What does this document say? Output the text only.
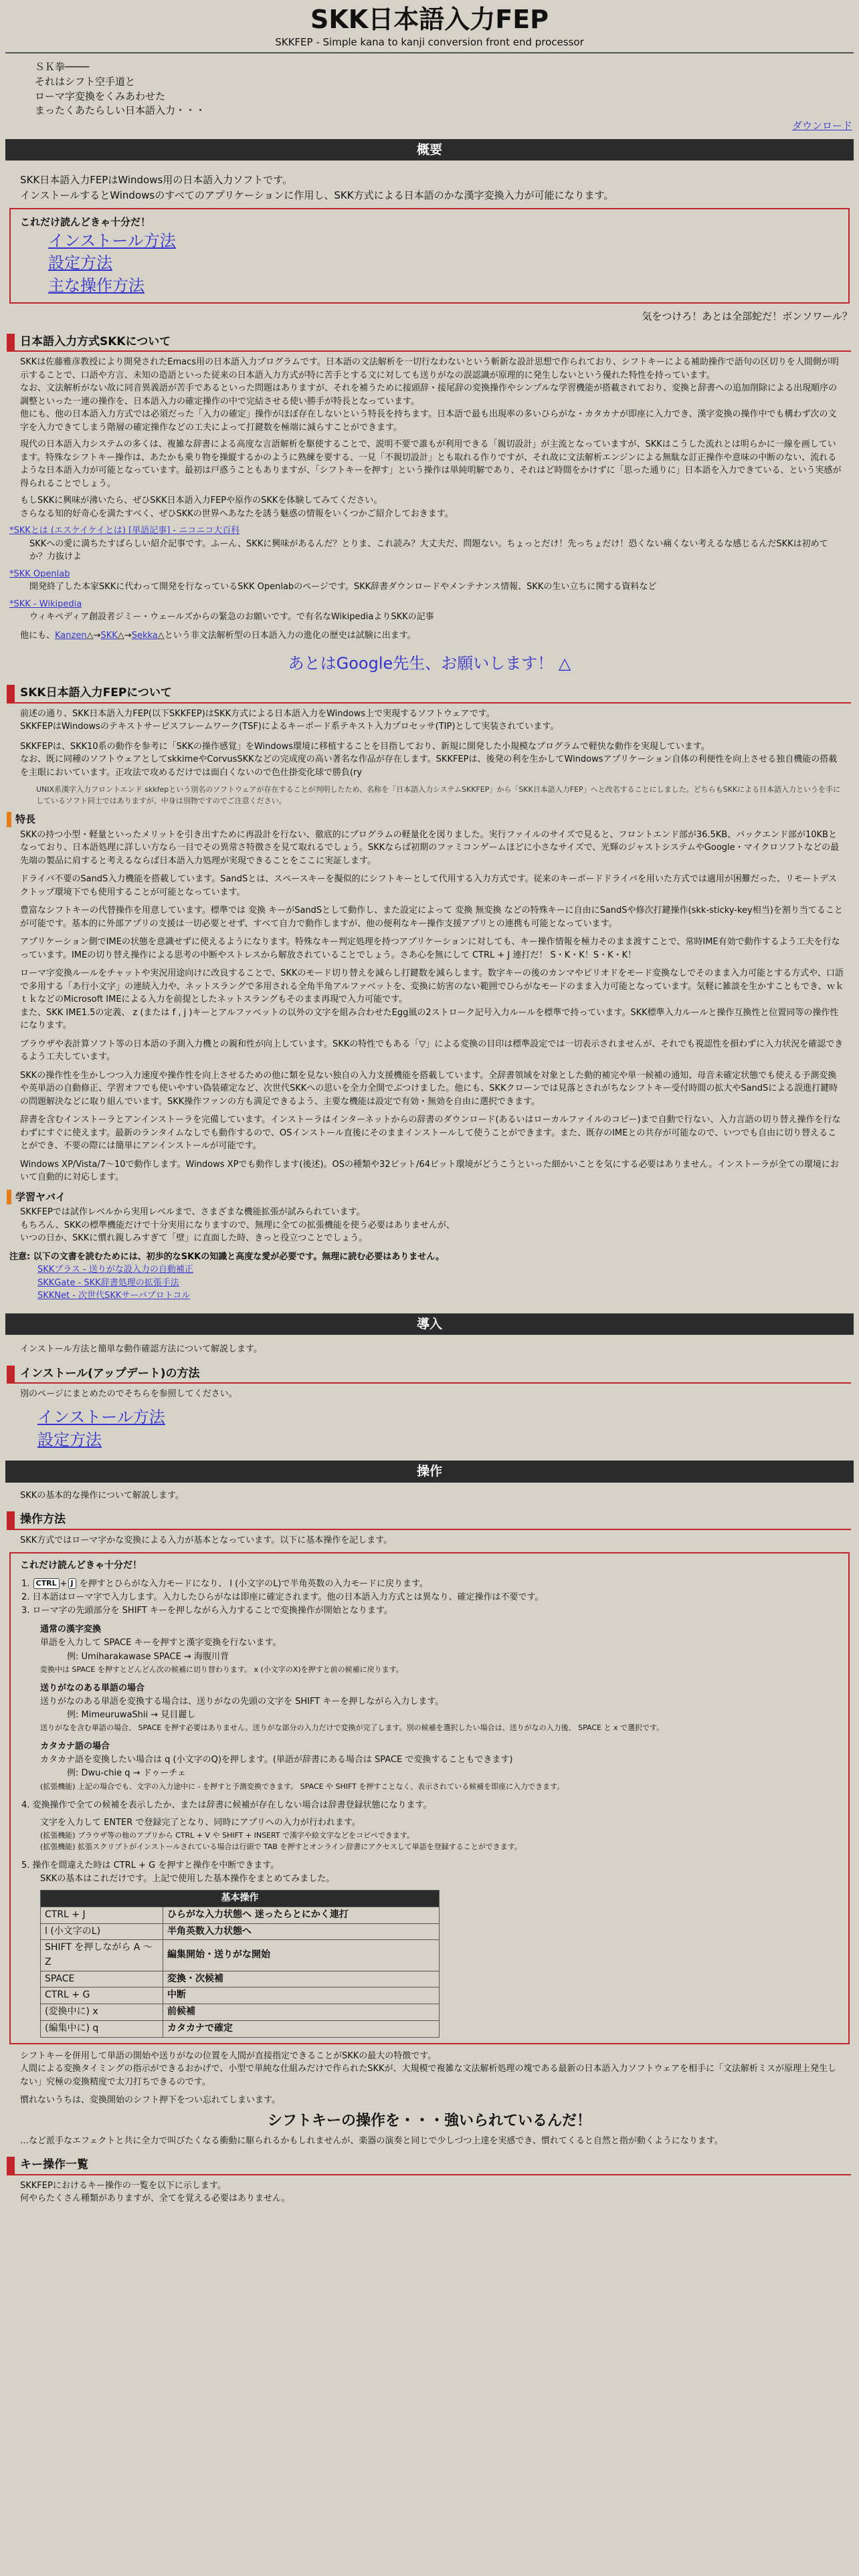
SKK日本語入力FEP
SKKFEP - Simple kana to kanji conversion front end processor
ＳＫ拳────
それはシフト空手道と
ローマ字変換をくみあわせた
まったくあたらしい日本語入力・・・
ダウンロード
概要
SKK日本語入力FEPはWindows用の日本語入力ソフトです。
インストールするとWindowsのすべてのアプリケーションに作用し、SKK方式による日本語のかな漢字変換入力が可能になります。
これだけ読んどきゃ十分だ！
インストール方法
設定方法
主な操作方法
気をつけろ！あとは全部蛇だ！ボンソワール？
日本語入力方式SKKについて
SKKは佐藤雅彦教授により開発されたEmacs用の日本語入力プログラムです。日本語の文法解析を一切行なわないという斬新な設計思想で作られており、シフトキーによる補助操作で語句の区切りを人間側が明示することで、口語や方言、未知の造語といった従来の日本語入力方式が特に苦手とする文に対しても送りがなの誤認識が原理的に発生しないという優れた特性を持っています。
なお、文法解析がない故に同音異義語が苦手であるといった問題はありますが、それを補うために接頭辞・接尾辞の変換操作やシンプルな学習機能が搭載されており、変換と辞書への追加削除による出現順序の調整といった一連の操作を、日本語入力の確定操作の中で完結させる使い勝手が特長となっています。
他にも、他の日本語入力方式では必須だった「入力の確定」操作がほぼ存在しないという特長を持ちます。日本語で最も出現率の多いひらがな・カタカナが即座に入力でき、漢字変換の操作中でも構わず次の文字を入力できてしまう階層の確定操作などの工夫によって打鍵数を極端に減らすことができます。
現代の日本語入力システムの多くは、複雑な辞書による高度な言語解析を駆使することで、説明不要で誰もが利用できる「親切設計」が主流となっていますが、SKKはこうした流れとは明らかに一線を画しています。特殊なシフトキー操作は、あたかも乗り物を操縦するかのように熟練を要する、一見「不親切設計」とも取れる作りですが、それ故に文法解析エンジンによる無駄な訂正操作や意味の中断のない、流れるような日本語入力が可能となっています。最初は戸惑うこともありますが、「シフトキーを押す」という操作は単純明解であり、それはど時間をかけずに「思った通りに」日本語を入力できている、という実感が得られることでしょう。
もしSKKに興味が沸いたら、ぜひSKK日本語入力FEPや原作のSKKを体験してみてください。
さらなる知的好奇心を満たすべく、ぜひSKKの世界へあなたを誘う魅惑の情報をいくつかご紹介しておきます。
*SKKとは (エスケイケイとは) [単語記事] - ニコニコ大百科
SKKへの愛に満ちたすばらしい紹介記事です。ふーん、SKKに興味があるんだ？とりま、これ読み？大丈夫だ、問題ない。ちょっとだけ！先っちょだけ！恐くない痛くない考えるな感じるんだSKKは初めてか？力抜けよ
*SKK Openlab
開発終了した本家SKKに代わって開発を行なっているSKK Openlabのページです。SKK辞書ダウンロードやメンテナンス情報、SKKの生い立ちに関する資料など
*SKK - Wikipedia
ウィキペディア創設者ジミー・ウェールズからの緊急のお願いです。で有名なWikipediaよりSKKの記事
他にも、Kanzen△→SKK△→Sekka△という非文法解析型の日本語入力の進化の歴史は試験に出ます。
あとはGoogle先生、お願いします！ △
SKK日本語入力FEPについて
前述の通り、SKK日本語入力FEP(以下SKKFEP)はSKK方式による日本語入力をWindows上で実現するソフトウェアです。
SKKFEPはWindowsのテキストサービスフレームワーク(TSF)によるキーボード系テキスト入力プロセッサ(TIP)として実装されています。
SKKFEPは、SKK10系の動作を参考に「SKKの操作感覚」をWindows環境に移植することを目指しており、新規に開発した小規模なプログラムで軽快な動作を実現しています。
なお、既に同種のソフトウェアとしてskkimeやCorvusSKKなどの完成度の高い著名な作品が存在します。SKKFEPは、後発の利を生かしてWindowsアプリケーション自体の利便性を向上させる独自機能の搭載を主眼においています。正攻法で攻めるだけでは面白くないので色仕掛変化球で勝負(ry
UNIX系漢字入力フロントエンド skkfepという別名のソフトウェアが存在することが判明したため、名称を「日本語入力システムSKKFEP」から「SKK日本語入力FEP」へと改名することにしました。どちらもSKKによる日本語入力というを手にしているソフト同士ではありますが、中身は別物ですのでご注意ください。
特長
SKKの持つ小型・軽量といったメリットを引き出すために再設計を行ない、徹底的にプログラムの軽量化を図りました。実行ファイルのサイズで見ると、フロントエンド部が36.5KB、バックエンド部が10KBとなっており、日本語処理に詳しい方なら一目でその異常さ特徴さを見て取れるでしょう。SKKならば初期のファミコンゲームほどに小さなサイズで、光輝のジャストシステムやGoogle・マイクロソフトなどの最先端の製品に肩すると考えるならば日本語入力処理が実現できることをここに実証します。
ドライバ不要のSandS入力機能を搭載しています。SandSとは、スペースキーを擬似的にシフトキーとして代用する入力方式です。従来のキーボードドライバを用いた方式では適用が困難だった、リモートデスクトップ環境下でも使用することが可能となっています。
豊富なシフトキーの代替操作を用意しています。標準では 変換 キーがSandSとして動作し、また設定によって 変換 無変換 などの特殊キーに自由にSandSや修次打鍵操作(skk-sticky-key相当)を割り当てることが可能です。基本的に外部アプリの支援は一切必要とせず、すべて自力で動作しますが、他の便利なキー操作支援アプリとの連携も可能となっています。
アプリケーション側でIMEの状態を意識せずに使えるようになります。特殊なキー判定処理を持つアプリケーションに対しても、キー操作情報を極力そのまま渡すことで、常時IME有効で動作するよう工夫を行なっています。IMEの切り替え操作による思考の中断やストレスから解放されていることでしょう。さあ心を無にして CTRL + J 連打だ！ S・K・K！S・K・K！
ローマ字変換ルールをチャットや実況用途向けに改良することで、SKKのモード切り替えを減らし打鍵数を減らします。数字キーの後のカンマやピリオドをモード変換なしでそのまま入力可能とする方式や、口語で多用する「あ行小文字」の連続入力や、ネットスラングで多用される全角半角アルファベットを、変換に妨害のない範囲でひらがなモードのまま入力可能となっています。気軽に雑談を生かすこともでき、ｗｋｔｋなどのMicrosoft IMEによる入力を前提としたネットスラングもそのまま再現で入力可能です。
また、SKK IME1.5の定義、 z (または f , j )キーとアルファベットの以外の文字を組み合わせたEgg風の2ストローク記号入力ルールを標準で持っています。SKK標準入力ルールと操作互換性と位置同等の操作性になります。
ブラウザや表計算ソフト等の日本語の予測入力機との親和性が向上しています。SKKの特性でもある「▽」による変換の目印は標準設定では一切表示されませんが、それでも視認性を損わずに入力状況を確認できるよう工夫しています。
SKKの操作性を生かしつつ入力速度や操作性を向上させるための他に類を見ない独自の入力支援機能を搭載しています。全辞書領域を対象とした動的補完や単一候補の通知、母音未確定状態でも使える予測変換や英単語の自動修正、学習オフでも使いやすい偽装確定など、次世代SKKへの思いを全力全開でぶつけました。他にも、SKKクローンでは見落とされがちなシフトキー受付時間の拡大やSandSによる誤進打鍵時の問題解決などに取り組んでいます。SKK操作ファンの方も満足できるよう、主要な機能は設定で有効・無効を自由に選択できます。
辞書を含むインストーラとアンインストーラを完備しています。インストーラはインターネットからの辞書のダウンロード(あるいはローカルファイルのコピー)まで自動で行ない、入力言語の切り替え操作を行なわずにすぐに使えます。最新のランタイムなしでも動作するので、OSインストール直後にそのままインストールして使うことができます。また、既存のIMEとの共存が可能なので、いつでも自由に切り替えることができ、不要の際には簡単にアンインストールが可能です。
Windows XP/Vista/7〜10で動作します。Windows XPでも動作します(後述)。OSの種類や32ビット/64ビット環境がどうこうといった細かいことを気にする必要はありません。インストーラが全ての環境において自動的に対応します。
学習ヤバイ
SKKFEPでは試作レベルから実用レベルまで、さまざまな機能拡張が試みられています。
もちろん、SKKの標準機能だけで十分実用になりますので、無理に全ての拡張機能を使う必要はありませんが、
いつの日か、SKKに慣れ親しみすぎて「壁」に直面した時、きっと役立つことでしょう。
注意: 以下の文書を読むためには、初歩的なSKKの知識と高度な愛が必要です。無理に読む必要はありません。
SKKプラス - 送りがな設入力の自動補正
SKKGate - SKK辞書処理の拡張手法
SKKNet - 次世代SKKサーバプロトコル
導入
インストール方法と簡単な動作確認方法について解説します。
インストール(アップデート)の方法
別のページにまとめたのでそちらを参照してください。
インストール方法
設定方法
操作
SKKの基本的な操作について解説します。
操作方法
SKK方式ではローマ字かな変換による入力が基本となっています。以下に基本操作を記します。
これだけ読んどきゃ十分だ！
1. CTRL + J を押すとひらがな入力モードになり、 l (小文字のL)で半角英数の入力モードに戻ります。
2. 日本語はローマ字で入力します。入力したひらがなは即座に確定されます。他の日本語入力方式とは異なり、確定操作は不要です。
3. ローマ字の先頭部分を SHIFT キーを押しながら入力することで変換操作が開始となります。
通常の漢字変換
単語を入力して SPACE キーを押すと漢字変換を行ないます。
例: Umiharakawase SPACE → 海腹川背
変換中は SPACE を押すとどんどん次の候補に切り替わります。 x (小文字のX)を押すと前の候補に戻ります。
送りがなのある単語の場合
送りがなのある単語を変換する場合は、送りがなの先頭の文字を SHIFT キーを押しながら入力します。
例: MimeuruwaShii → 見目麗し
送りがなを含む単語の場合、 SPACE を押す必要はありません。送りがな部分の入力だけで変換が完了します。別の候補を選択したい場合は、送りがなの入力後、 SPACE と x で選択です。
カタカナ語の場合
カタカナ語を変換したい場合は q (小文字のQ)を押します。(単語が辞書にある場合は SPACE で変換することもできます)
例: Dwu-chie q → ドゥーチェ
(拡張機能) 上記の場合でも、文字の入力途中に - を押すと予測変換できます。 SPACE や SHIFT を押すことなく、表示されている候補を即座に入力できます。
4. 変換操作で全ての候補を表示したか、または辞書に候補が存在しない場合は辞書登録状態になります。
文字を入力して ENTER で登録完了となり、同時にアプリへの入力が行われます。
(拡張機能) ブラウザ等の他のアプリから CTRL + V や SHIFT + INSERT で漢字や絵文字などをコピペできます。
(拡張機能) 拡張スクリプトがインストールされている場合は行頭で TAB を押すとオンライン辞書にアクセスして単語を登録することができます。
5. 操作を間違えた時は CTRL + G を押すと操作を中断できます。
SKKの基本はこれだけです。上記で使用した基本操作をまとめてみました。
基本操作	
CTRL + J	ひらがな入力状態へ 迷ったらとにかく連打
l (小文字のL)	半角英数入力状態へ
SHIFT を押しながら A 〜 Z	編集開始・送りがな開始
SPACE	変換・次候補
CTRL + G	中断
(変換中に) x	前候補
(編集中に) q	カタカナで確定
シフトキーを併用して単語の開始や送りがなの位置を人間が直接指定できることがSKKの最大の特徴です。
人間による変換タイミングの指示ができるおかげで、小型で単純な仕組みだけで作られたSKKが、大規模で複雑な文法解析処理の塊である最新の日本語入力ソフトウェアを相手に「文法解析ミスが原理上発生しない」究極の変換精度で太刀打ちできるのです。
慣れないうちは、変換開始のシフト押下をつい忘れてしまいます。
シフトキーの操作を・・・強いられているんだ！
…など派手なエフェクトと共に全力で叫びたくなる衝動に駆られるかもしれませんが、楽器の演奏と同じで少しづつ上達を実感でき、慣れてくると自然と指が動くようになります。
キー操作一覧
SKKFEPにおけるキー操作の一覧を以下に示します。
何やらたくさん種類がありますが、全てを覚える必要はありません。
